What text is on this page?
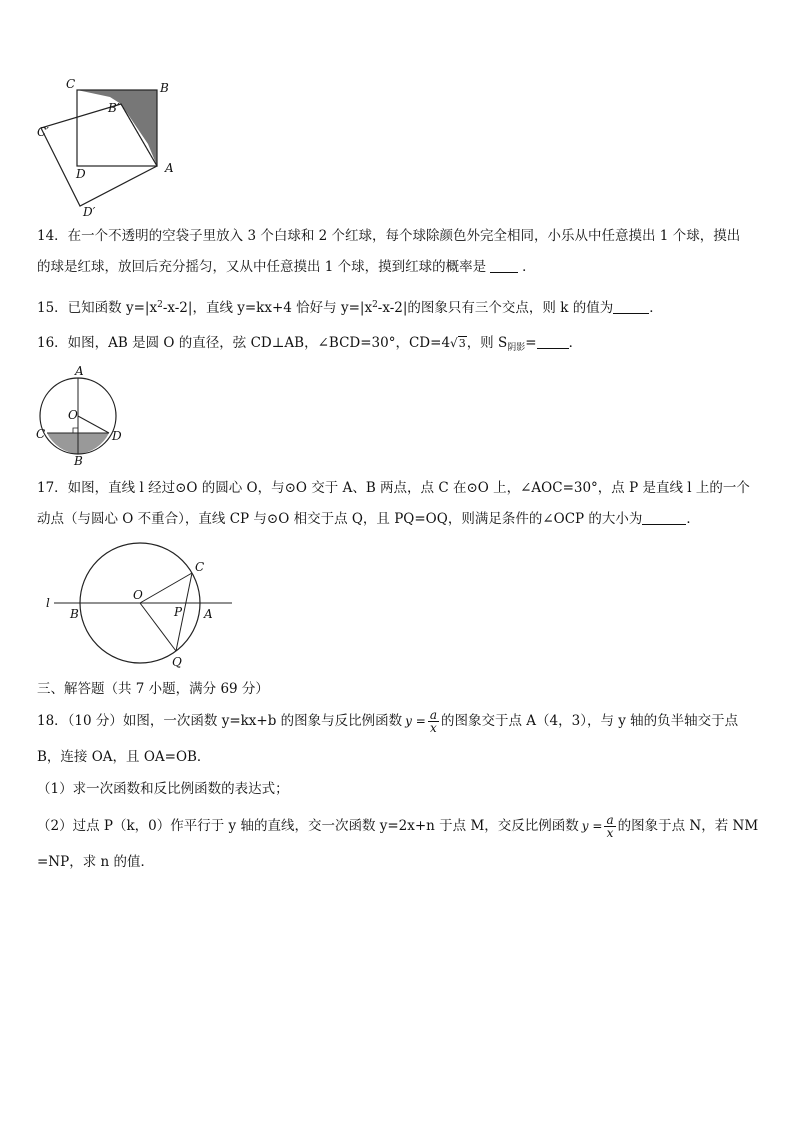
C	B
B′
C′
D	A
D′
14．在一个不透明的空袋子里放入 3 个白球和 2 个红球，每个球除颜色外完全相同，小乐从中任意摸出 1 个球，摸出
的球是红球，放回后充分摇匀，又从中任意摸出 1 个球，摸到红球的概率是	．
15．已知函数 $y=|x^2-x-2|$，直线 y=kx+4 恰好与 $y=|x^2-x-2|$的图象只有三个交点，则 k 的值为	．
16．如图，AB 是圆 O 的直径，弦 CD⊥AB，∠BCD=30°，CD=4√3，则 $S_{阴影}=$ ．
A
O
C	D
B
17．如图，直线 l 经过⊙O 的圆心 O，与⊙O 交于 A、B 两点，点 C 在⊙O 上，∠AOC=30°，点 P 是直线 l 上的一个
动点（与圆心 O 不重合），直线 CP 与⊙O 相交于点 Q，且 PQ=OQ，则满足条件的∠OCP 的大小为	．
l
B
O
C
P A
Q
三、解答题（共 7 小题，满分 69 分）
18．（10 分）如图，一次函数 y=kx+b 的图象与反比例函数 $y = \frac{a}{x}$ 的图象交于点 A（4，3），与 y 轴的负半轴交于点
B，连接 OA，且 OA=OB．
（1）求一次函数和反比例函数的表达式；
（2）过点 P（k，0）作平行于 y 轴的直线，交一次函数 y=2x+n 于点 M，交反比例函数 $y = \frac{a}{x}$ 的图象于点 N，若 NM
=NP，求 n 的值．
